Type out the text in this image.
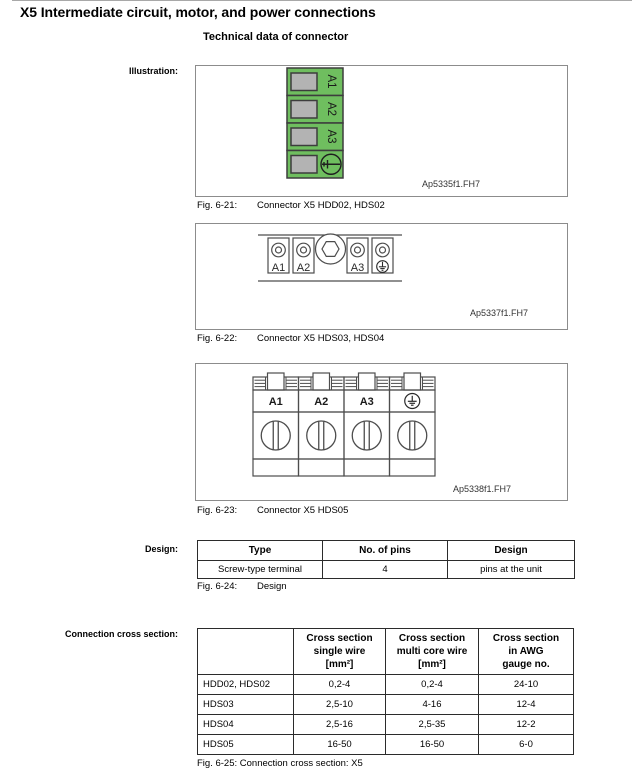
X5 Intermediate circuit, motor, and power connections
Technical data of connector
Illustration:
A1
A2
A3
Ap5335f1.FH7
Fig. 6-21:	Connector X5 HDD02, HDS02
A1 A2	A3
Ap5337f1.FH7
Fig. 6-22:	Connector X5 HDS03, HDS04
A1	A2	A3
Ap5338f1.FH7
Fig. 6-23:	Connector X5 HDS05
Design:	Type	No. of pins	Design
Screw-type terminal	4	pins at the unit
Fig. 6-24:	Design
Connection cross section:

	Cross section
single wire
[mm²]	Cross section
multi core wire
[mm²]	Cross section
in AWG
gauge no.

HDD02, HDS02	0,2-4	0,2-4	24-10
HDS03	2,5-10	4-16	12-4
HDS04	2,5-16	2,5-35	12-2
HDS05	16-50	16-50	6-0
Fig. 6-25: Connection cross section: X5
